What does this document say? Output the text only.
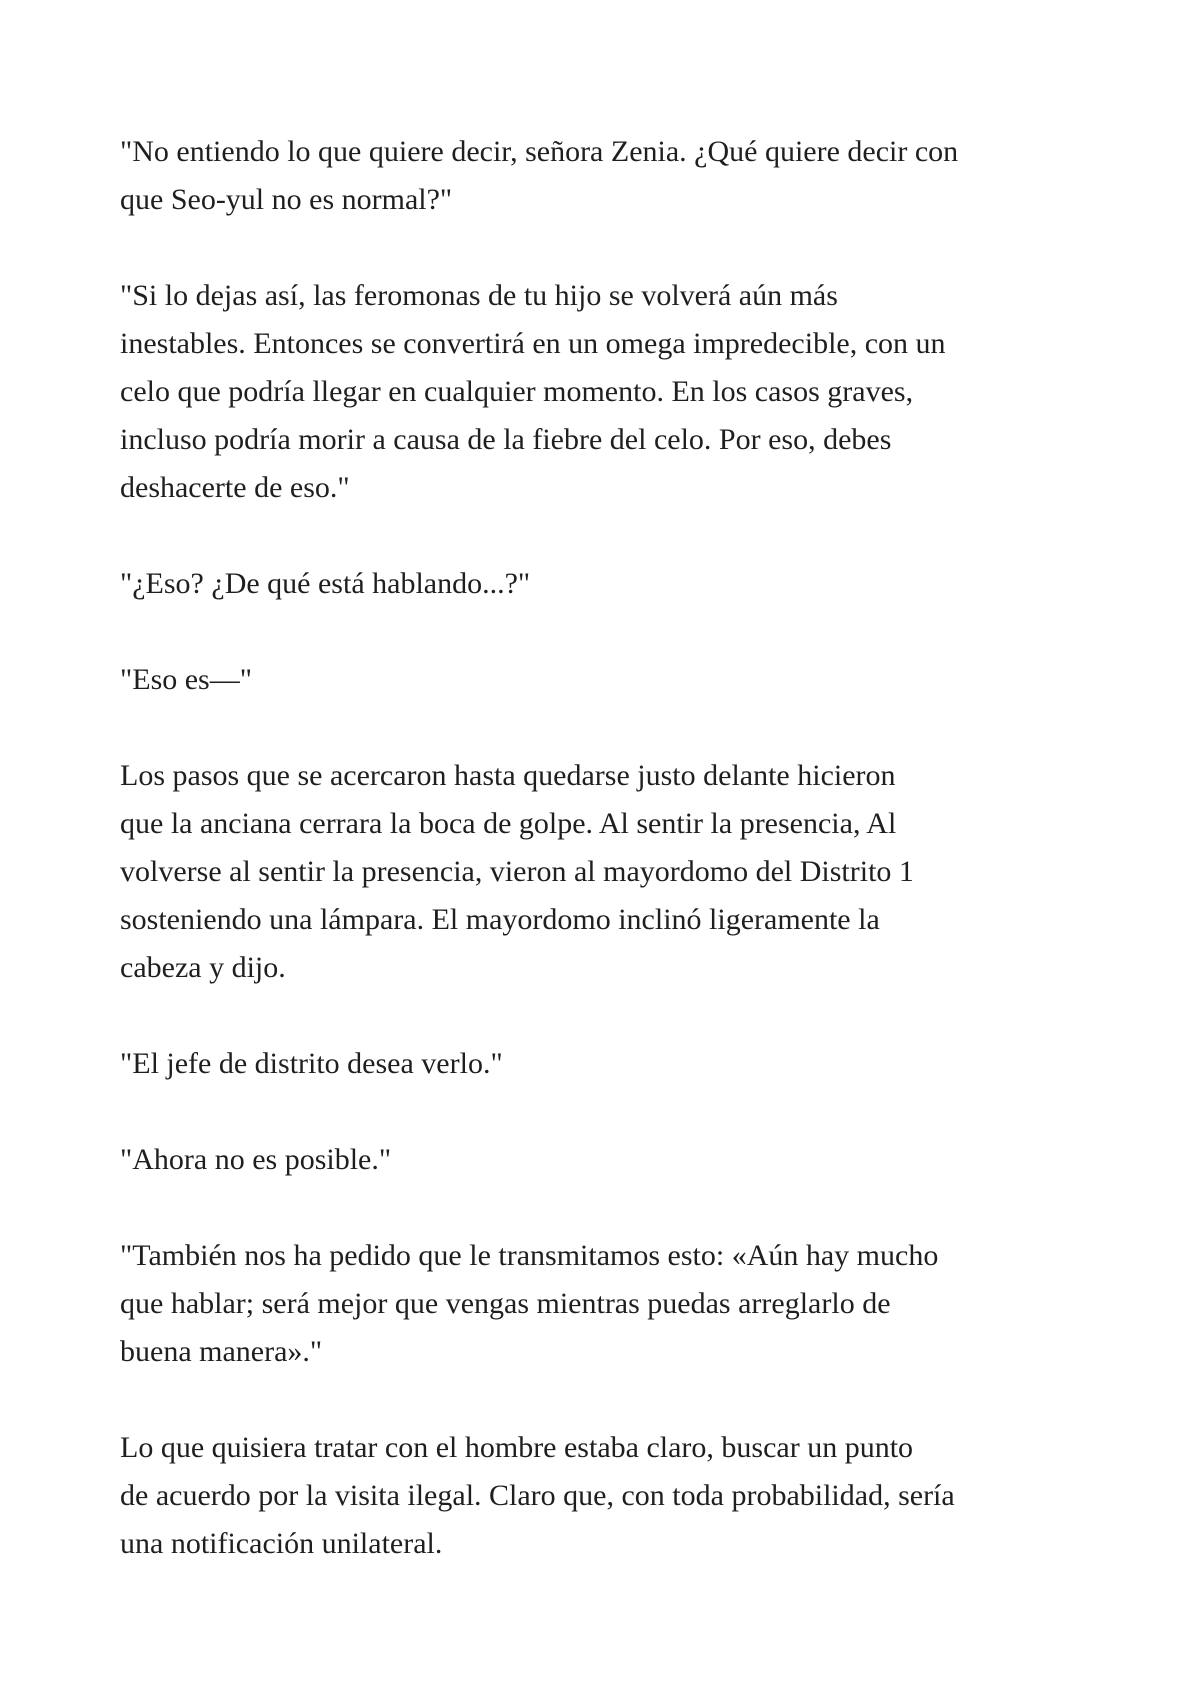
"No entiendo lo que quiere decir, señora Zenia. ¿Qué quiere decir con
que Seo-yul no es normal?"

"Si lo dejas así, las feromonas de tu hijo se volverá aún más
inestables. Entonces se convertirá en un omega impredecible, con un
celo que podría llegar en cualquier momento. En los casos graves,
incluso podría morir a causa de la fiebre del celo. Por eso, debes
deshacerte de eso."

"¿Eso? ¿De qué está hablando...?"

"Eso es—"

Los pasos que se acercaron hasta quedarse justo delante hicieron
que la anciana cerrara la boca de golpe. Al sentir la presencia, Al
volverse al sentir la presencia, vieron al mayordomo del Distrito 1
sosteniendo una lámpara. El mayordomo inclinó ligeramente la
cabeza y dijo.

"El jefe de distrito desea verlo."

"Ahora no es posible."

"También nos ha pedido que le transmitamos esto: «Aún hay mucho
que hablar; será mejor que vengas mientras puedas arreglarlo de
buena manera»."

Lo que quisiera tratar con el hombre estaba claro, buscar un punto
de acuerdo por la visita ilegal. Claro que, con toda probabilidad, sería
una notificación unilateral.
